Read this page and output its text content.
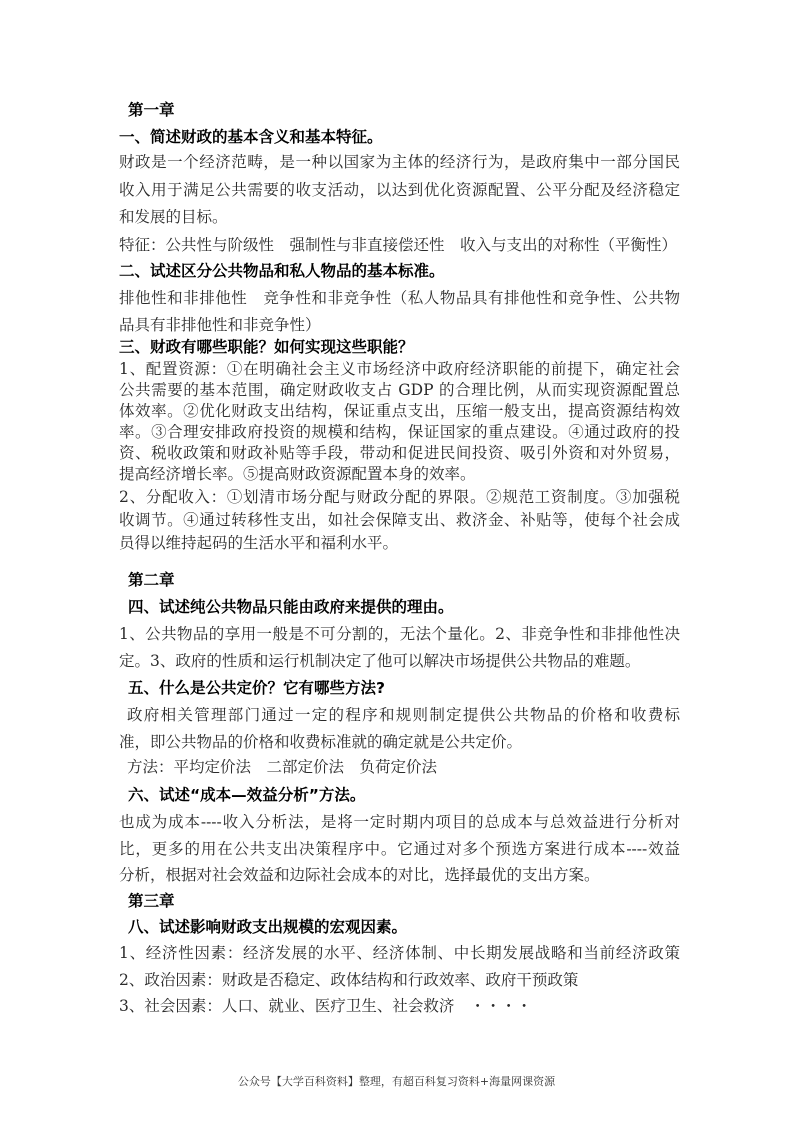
第一章
一、简述财政的基本含义和基本特征。
财政是一个经济范畴，是一种以国家为主体的经济行为，是政府集中一部分国民
收入用于满足公共需要的收支活动，以达到优化资源配置、公平分配及经济稳定
和发展的目标。
特征：公共性与阶级性　强制性与非直接偿还性　收入与支出的对称性（平衡性）
二、试述区分公共物品和私人物品的基本标准。
排他性和非排他性　竞争性和非竞争性（私人物品具有排他性和竞争性、公共物
品具有非排他性和非竞争性）
三、财政有哪些职能？如何实现这些职能？
1、配置资源：①在明确社会主义市场经济中政府经济职能的前提下，确定社会
公共需要的基本范围，确定财政收支占 GDP 的合理比例，从而实现资源配置总
体效率。②优化财政支出结构，保证重点支出，压缩一般支出，提高资源结构效
率。③合理安排政府投资的规模和结构，保证国家的重点建设。④通过政府的投
资、税收政策和财政补贴等手段，带动和促进民间投资、吸引外资和对外贸易，
提高经济增长率。⑤提高财政资源配置本身的效率。
2、分配收入：①划清市场分配与财政分配的界限。②规范工资制度。③加强税
收调节。④通过转移性支出，如社会保障支出、救济金、补贴等，使每个社会成
员得以维持起码的生活水平和福利水平。
第二章
四、试述纯公共物品只能由政府来提供的理由。
1、公共物品的享用一般是不可分割的，无法个量化。2、非竞争性和非排他性决
定。3、政府的性质和运行机制决定了他可以解决市场提供公共物品的难题。
五、什么是公共定价？它有哪些方法?
政府相关管理部门通过一定的程序和规则制定提供公共物品的价格和收费标
准，即公共物品的价格和收费标准就的确定就是公共定价。
方法：平均定价法　二部定价法　负荷定价法
六、试述“成本—效益分析”方法。
也成为成本----收入分析法，是将一定时期内项目的总成本与总效益进行分析对
比，更多的用在公共支出决策程序中。它通过对多个预选方案进行成本----效益
分析，根据对社会效益和边际社会成本的对比，选择最优的支出方案。
第三章
八、试述影响财政支出规模的宏观因素。
1、经济性因素：经济发展的水平、经济体制、中长期发展战略和当前经济政策
2、政治因素：财政是否稳定、政体结构和行政效率、政府干预政策
3、社会因素：人口、就业、医疗卫生、社会救济　・・・・
公众号【大学百科资料】整理，有超百科复习资料+海量网课资源
